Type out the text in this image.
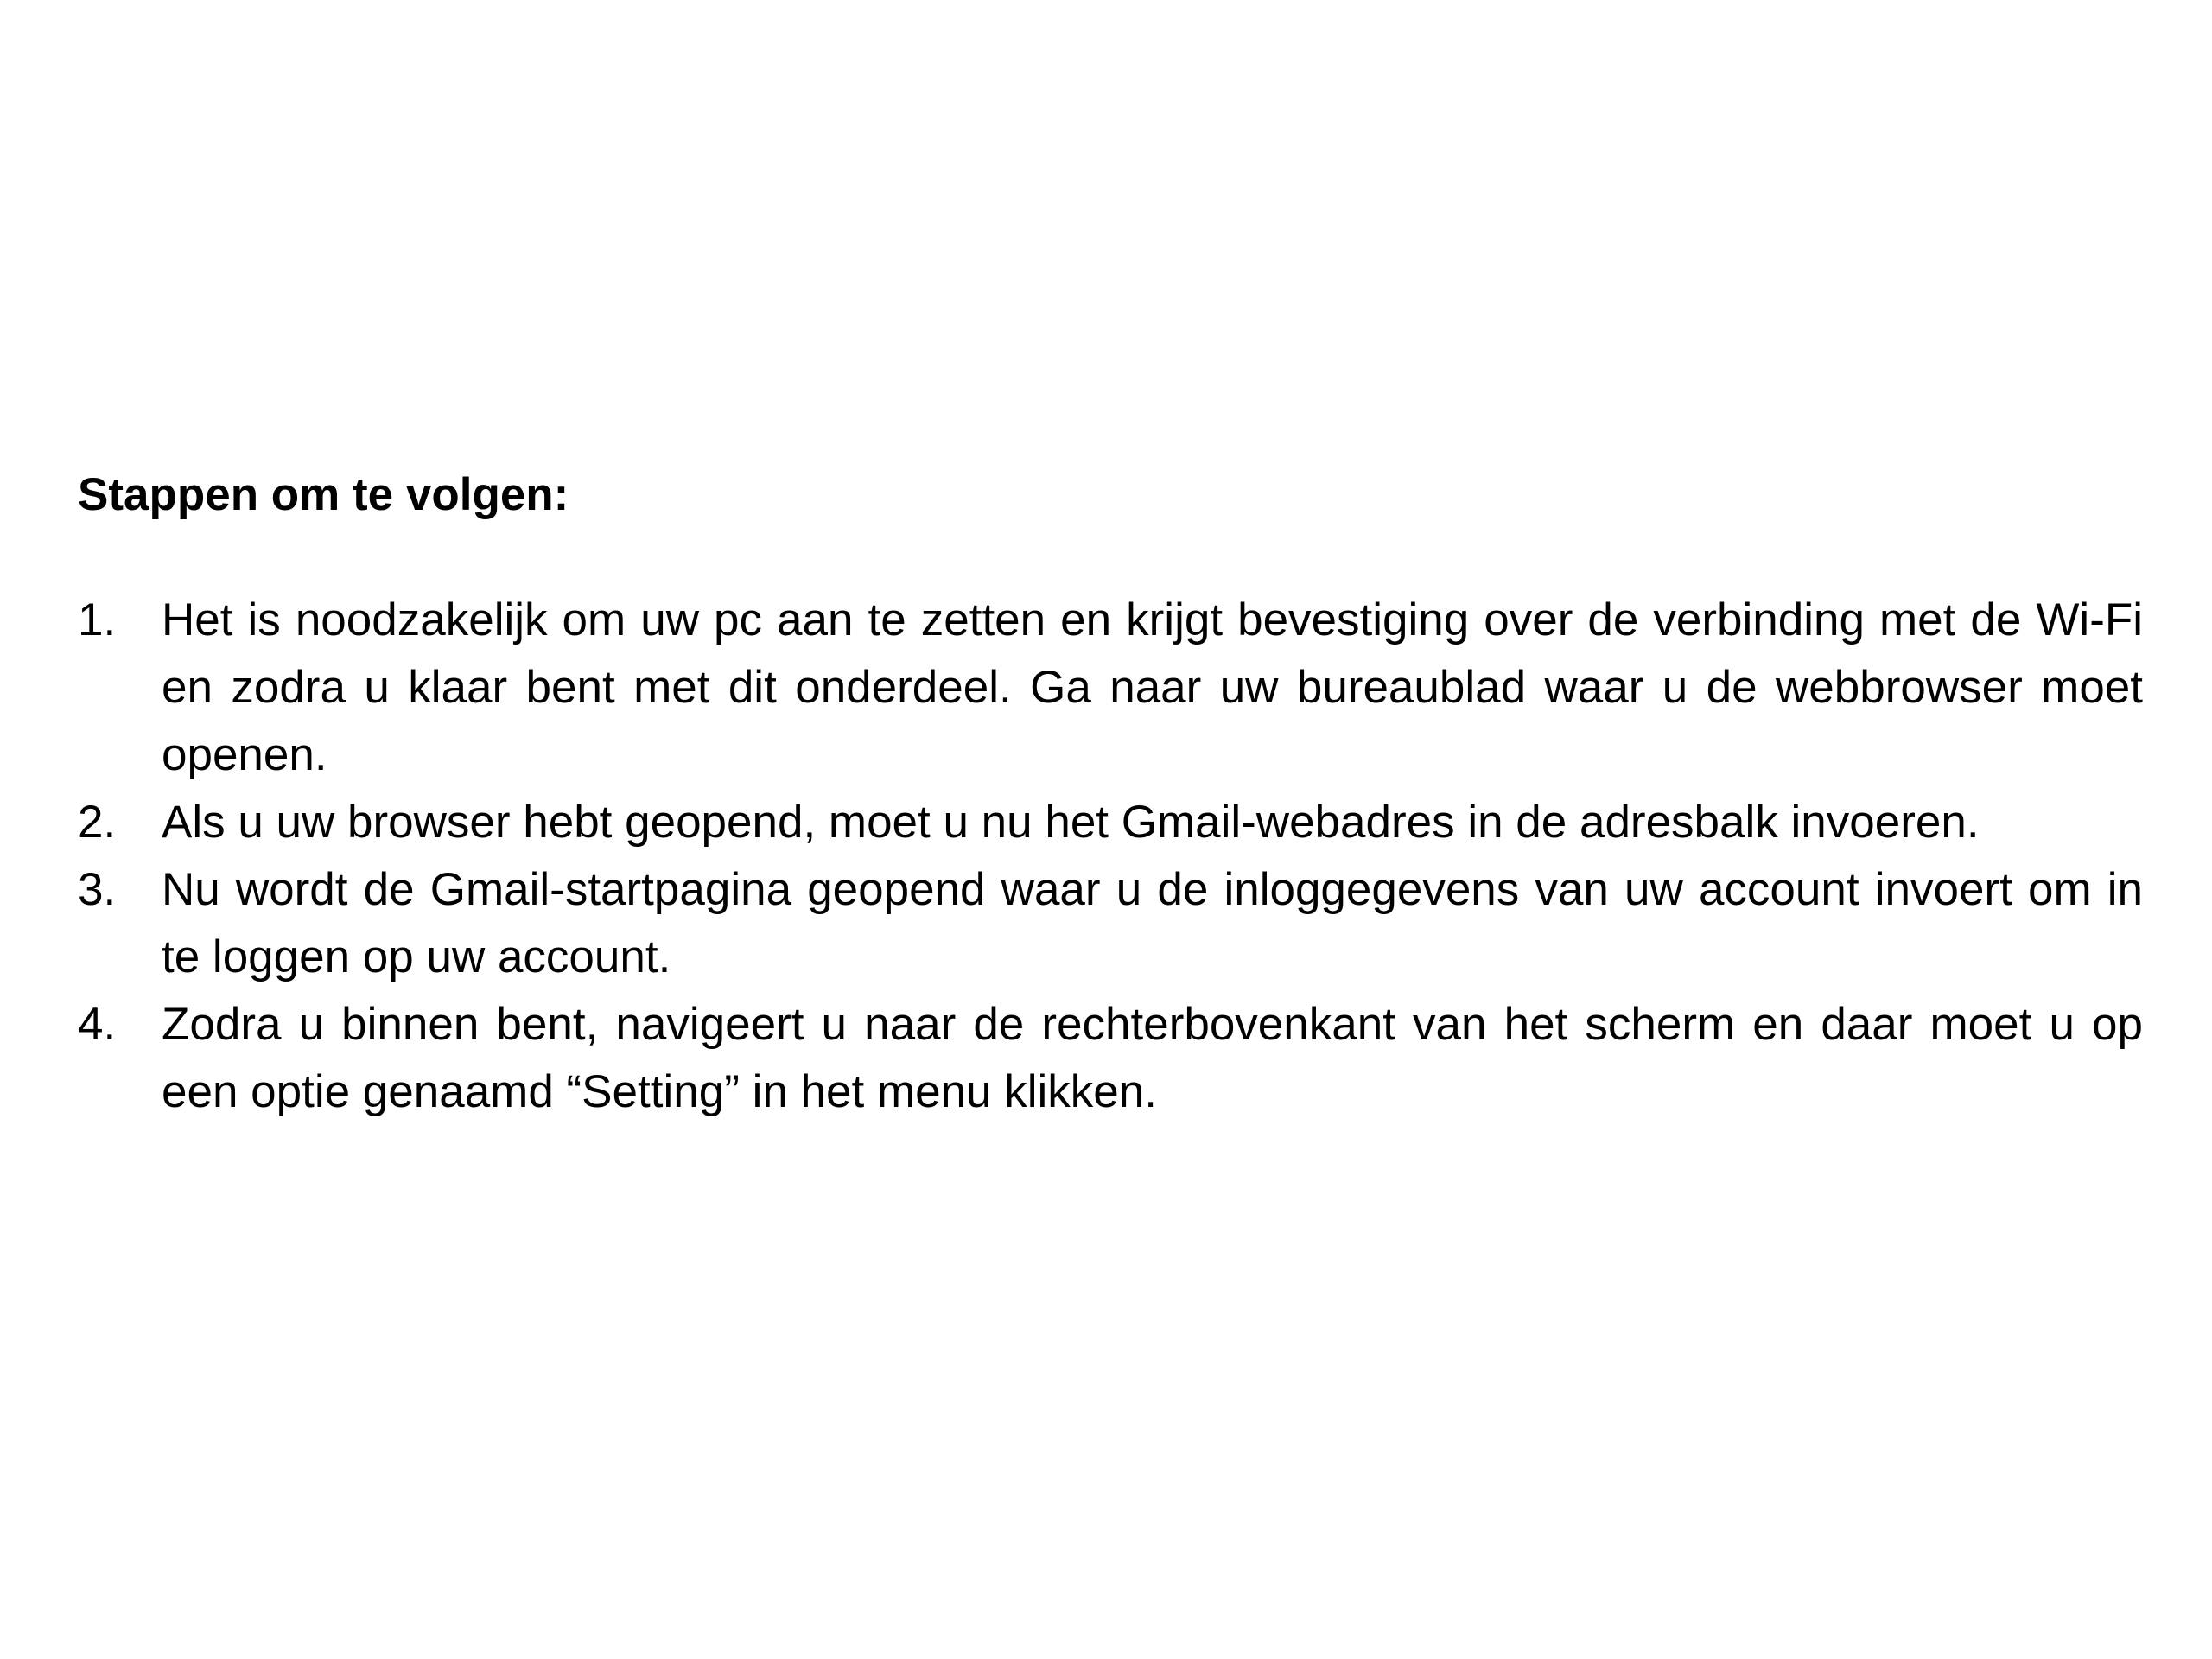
Stappen om te volgen:
1. Het is noodzakelijk om uw pc aan te zetten en krijgt bevestiging over de verbinding met de Wi-Fi en zodra u klaar bent met dit onderdeel. Ga naar uw bureaublad waar u de webbrowser moet openen.
2. Als u uw browser hebt geopend, moet u nu het Gmail-webadres in de adresbalk invoeren.
3. Nu wordt de Gmail-startpagina geopend waar u de inloggegevens van uw account invoert om in te loggen op uw account.
4. Zodra u binnen bent, navigeert u naar de rechterbovenkant van het scherm en daar moet u op een optie genaamd “Setting” in het menu klikken.
